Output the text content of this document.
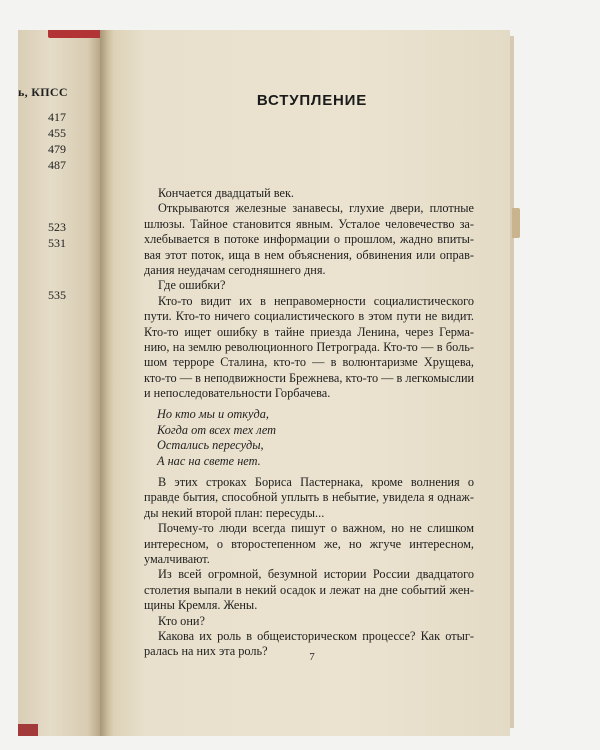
ь, КПСС
417
455
479
487
523
531
535
ВСТУПЛЕНИЕ
Кончается двадцатый век.
Открываются железные занавесы, глухие двери, плотные
шлюзы. Тайное становится явным. Усталое человечество за-
хлебывается в потоке информации о прошлом, жадно впиты-
вая этот поток, ища в нем объяснения, обвинения или оправ-
дания неудачам сегодняшнего дня.
Где ошибки?
Кто-то видит их в неправомерности социалистического
пути. Кто-то ничего социалистического в этом пути не видит.
Кто-то ищет ошибку в тайне приезда Ленина, через Герма-
нию, на землю революционного Петрограда. Кто-то — в боль-
шом терроре Сталина, кто-то — в волюнтаризме Хрущева,
кто-то — в неподвижности Брежнева, кто-то — в легкомыслии
и непоследовательности Горбачева.
Но кто мы и откуда,
Когда от всех тех лет
Остались пересуды,
А нас на свете нет.
В этих строках Бориса Пастернака, кроме волнения о
правде бытия, способной уплыть в небытие, увидела я однаж-
ды некий второй план: пересуды...
Почему-то люди всегда пишут о важном, но не слишком
интересном, о второстепенном же, но жгуче интересном,
умалчивают.
Из всей огромной, безумной истории России двадцатого
столетия выпали в некий осадок и лежат на дне событий жен-
щины Кремля. Жены.
Кто они?
Какова их роль в общеисторическом процессе? Как отыг-
ралась на них эта роль?	7
